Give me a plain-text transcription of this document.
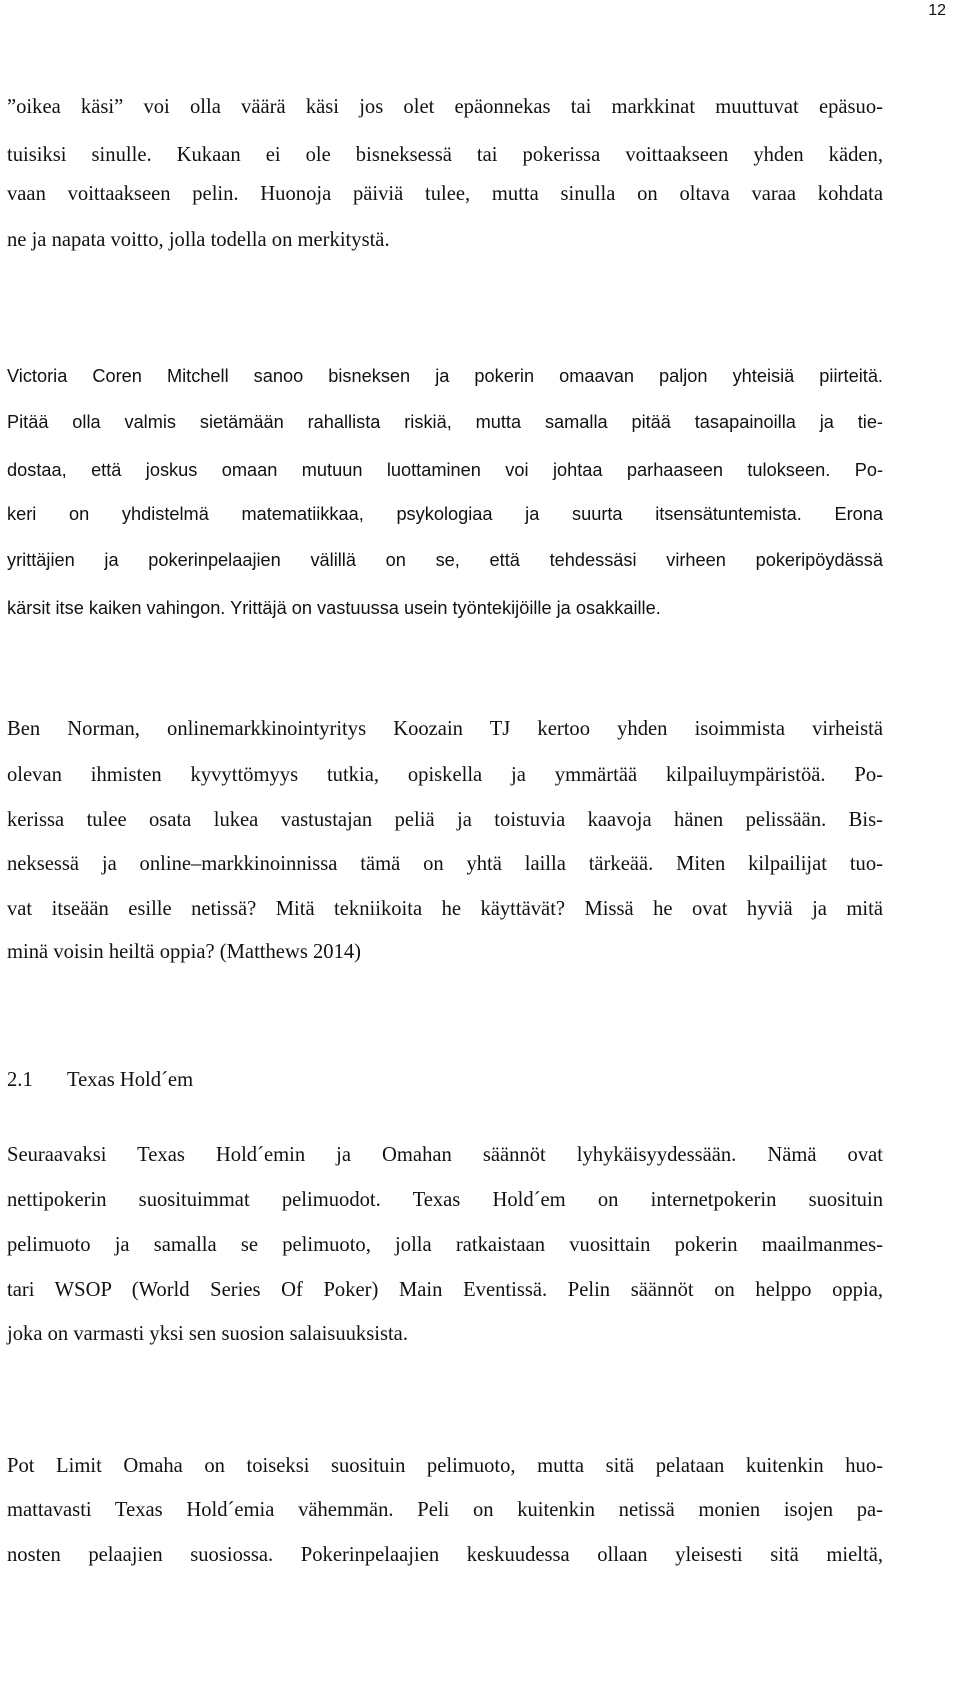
12
”oikea käsi” voi olla väärä käsi jos olet epäonnekas tai markkinat muuttuvat epäsuo-
tuisiksi sinulle. Kukaan ei ole bisneksessä tai pokerissa voittaakseen yhden käden,
vaan voittaakseen pelin. Huonoja päiviä tulee, mutta sinulla on oltava varaa kohdata
ne ja napata voitto, jolla todella on merkitystä.
Victoria Coren Mitchell sanoo bisneksen ja pokerin omaavan paljon yhteisiä piirteitä.
Pitää olla valmis sietämään rahallista riskiä, mutta samalla pitää tasapainoilla ja tie-
dostaa, että joskus omaan mutuun luottaminen voi johtaa parhaaseen tulokseen. Po-
keri on yhdistelmä matematiikkaa, psykologiaa ja suurta itsensätuntemista. Erona
yrittäjien ja pokerinpelaajien välillä on se, että tehdessäsi virheen pokeripöydässä
kärsit itse kaiken vahingon. Yrittäjä on vastuussa usein työntekijöille ja osakkaille.
Ben Norman, onlinemarkkinointyritys Koozain TJ kertoo yhden isoimmista virheistä
olevan ihmisten kyvyttömyys tutkia, opiskella ja ymmärtää kilpailuympäristöä. Po-
kerissa tulee osata lukea vastustajan peliä ja toistuvia kaavoja hänen pelissään. Bis-
neksessä ja online–markkinoinnissa tämä on yhtä lailla tärkeää. Miten kilpailijat tuo-
vat itseään esille netissä? Mitä tekniikoita he käyttävät? Missä he ovat hyviä ja mitä
minä voisin heiltä oppia? (Matthews 2014)
2.1 Texas Hold´em
Seuraavaksi Texas Hold´emin ja Omahan säännöt lyhykäisyydessään. Nämä ovat
nettipokerin suosituimmat pelimuodot. Texas Hold´em on internetpokerin suosituin
pelimuoto ja samalla se pelimuoto, jolla ratkaistaan vuosittain pokerin maailmanmes-
tari WSOP (World Series Of Poker) Main Eventissä. Pelin säännöt on helppo oppia,
joka on varmasti yksi sen suosion salaisuuksista.
Pot Limit Omaha on toiseksi suosituin pelimuoto, mutta sitä pelataan kuitenkin huo-
mattavasti Texas Hold´emia vähemmän. Peli on kuitenkin netissä monien isojen pa-
nosten pelaajien suosiossa. Pokerinpelaajien keskuudessa ollaan yleisesti sitä mieltä,
